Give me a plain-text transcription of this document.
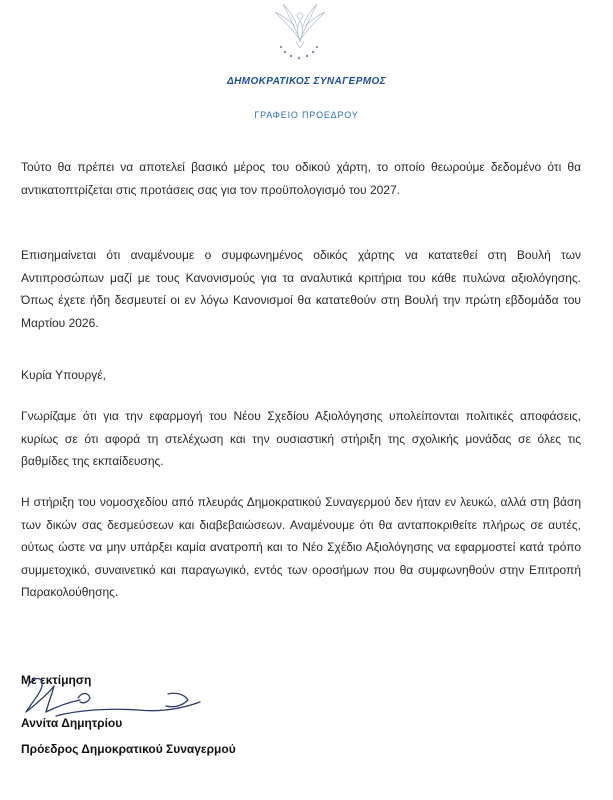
ΔΗΜΟΚΡΑΤΙΚΟΣ ΣΥΝΑΓΕΡΜΟΣ
ΓΡΑΦΕΙΟ ΠΡΟΕΔΡΟΥ

Τούτο θα πρέπει να αποτελεί βασικό μέρος του οδικού χάρτη, το οποίο θεωρούμε δεδομένο ότι θα αντικατοπτρίζεται στις προτάσεις σας για τον προϋπολογισμό του 2027.

Επισημαίνεται ότι αναμένουμε ο συμφωνημένος οδικός χάρτης να κατατεθεί στη Βουλή των Αντιπροσώπων μαζί με τους Κανονισμούς για τα αναλυτικά κριτήρια του κάθε πυλώνα αξιολόγησης. Όπως έχετε ήδη δεσμευτεί οι εν λόγω Κανονισμοί θα κατατεθούν στη Βουλή την πρώτη εβδομάδα του Μαρτίου 2026.

Κυρία Υπουργέ,

Γνωρίζαμε ότι για την εφαρμογή του Νέου Σχεδίου Αξιολόγησης υπολείπονται πολιτικές αποφάσεις, κυρίως σε ότι αφορά τη στελέχωση και την ουσιαστική στήριξη της σχολικής μονάδας σε όλες τις βαθμίδες της εκπαίδευσης.

Η στήριξη του νομοσχεδίου από πλευράς Δημοκρατικού Συναγερμού δεν ήταν εν λευκώ, αλλά στη βάση των δικών σας δεσμεύσεων και διαβεβαιώσεων. Αναμένουμε ότι θα ανταποκριθείτε πλήρως σε αυτές, ούτως ώστε να μην υπάρξει καμία ανατροπή και το Νέο Σχέδιο Αξιολόγησης να εφαρμοστεί κατά τρόπο συμμετοχικό, συναινετικό και παραγωγικό, εντός των οροσήμων που θα συμφωνηθούν στην Επιτροπή Παρακολούθησης.

Με εκτίμηση
Αννίτα Δημητρίου
Πρόεδρος Δημοκρατικού Συναγερμού
